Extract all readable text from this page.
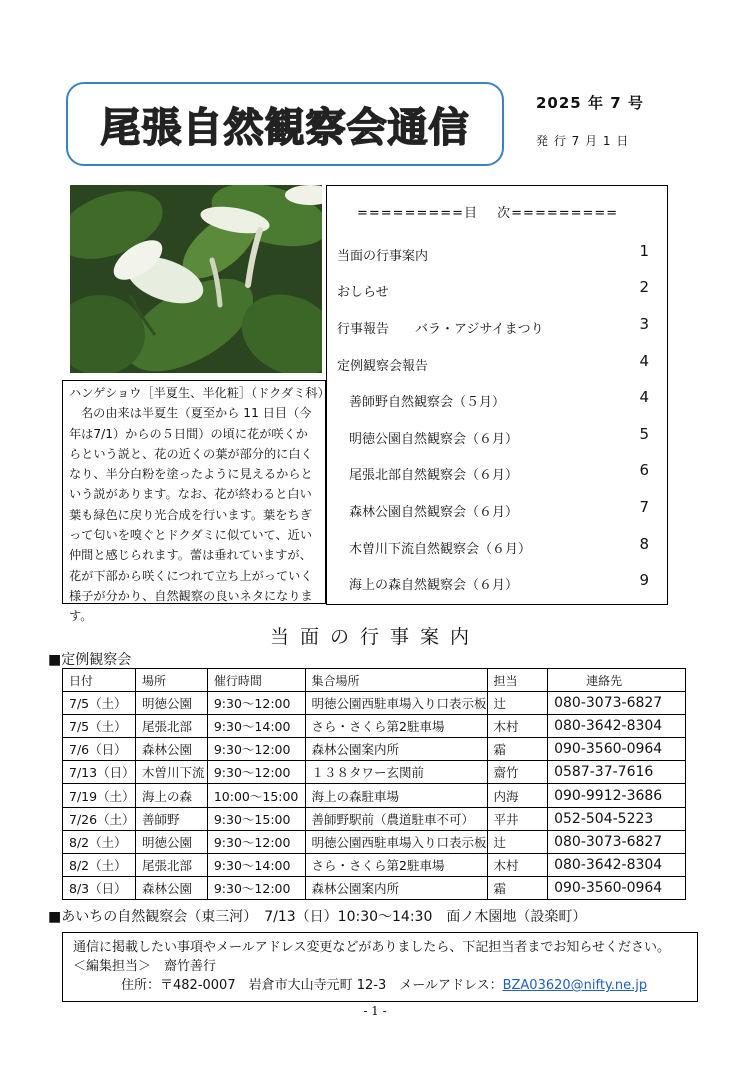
尾張自然観察会通信
2025 年 7 号
発 行 7 月 1 日
ハンゲショウ［半夏生、半化粧］（ドクダミ科）
名の由来は半夏生（夏至から 11 日目（今年は7/1）からの５日間）の頃に花が咲くからという説と、花の近くの葉が部分的に白くなり、半分白粉を塗ったように見えるからという説があります。なお、花が終わると白い葉も緑色に戻り光合成を行います。葉をちぎって匂いを嗅ぐとドクダミに似ていて、近い仲間と感じられます。蕾は垂れていますが、花が下部から咲くにつれて立ち上がっていく様子が分かり、自然観察の良いネタになります。
=========目　 次=========
当面の行事案内	1
おしらせ	2
行事報告　　バラ・アジサイまつり	3
定例観察会報告	4
善師野自然観察会（５月）	4
明徳公園自然観察会（６月）	5
尾張北部自然観察会（６月）	6
森林公園自然観察会（６月）	7
木曽川下流自然観察会（６月）	8
海上の森自然観察会（６月）	9
当面の行事案内
■定例観察会
日付	場所	催行時間	集合場所	担当	連絡先
7/5（土）	明徳公園	9:30～12:00	明徳公園西駐車場入り口表示板	辻	080-3073-6827
7/5（土）	尾張北部	9:30～14:00	さら・さくら第2駐車場	木村	080-3642-8304
7/6（日）	森林公園	9:30～12:00	森林公園案内所	霜	090-3560-0964
7/13（日）	木曽川下流	9:30～12:00	１３８タワー玄関前	齋竹	0587-37-7616
7/19（土）	海上の森	10:00～15:00	海上の森駐車場	内海	090-9912-3686
7/26（土）	善師野	9:30～15:00	善師野駅前（農道駐車不可）	平井	052-504-5223
8/2（土）	明徳公園	9:30～12:00	明徳公園西駐車場入り口表示板	辻	080-3073-6827
8/2（土）	尾張北部	9:30～14:00	さら・さくら第2駐車場	木村	080-3642-8304
8/3（日）	森林公園	9:30～12:00	森林公園案内所	霜	090-3560-0964
■あいちの自然観察会（東三河）　7/13（日）10:30～14:30　面ノ木園地（設楽町）
通信に掲載したい事項やメールアドレス変更などがありましたら、下記担当者までお知らせください。
＜編集担当＞　齋竹善行
住所：〒482-0007　岩倉市大山寺元町 12-3　メールアドレス：BZA03620@nifty.ne.jp
- 1 -
